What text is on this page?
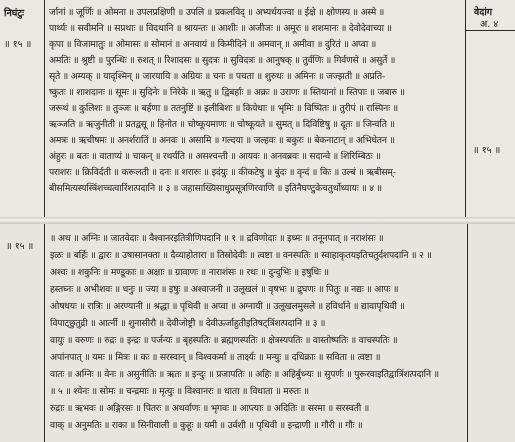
निघंटुः
॥ १५ ॥
वेदांग
अ. ४
॥ १५ ॥
र्जानां ॥ जूर्णिः ॥ ओमना ॥ उपलप्रक्षिणी ॥ उपलि ॥ प्रकलविद् ॥ अभ्यर्धयज्वा ॥ ईक्षे ॥ क्षोणस्य ॥ अस्मे ॥
पार्थ्यः ॥ सवीमनि ॥ सप्रथाः ॥ विदथानि ॥ श्रायन्तः ॥ आशीः ॥ अजीजः ॥ अमूरः ॥ शशमानः ॥ देवोदेवाच्या ॥
कृपा ॥ विजामातुः ॥ ओमासः ॥ सोमानं ॥ अनवायं ॥ किमीदिने ॥ अमवान् ॥ अमीवा ॥ दुरितं ॥ अप्वा ॥
अमतिः ॥ श्रुष्टी ॥ पुरन्धिः ॥ रुशत् ॥ रिशादसः ॥ सुदत्रः ॥ सुविदत्रः ॥ आनुषक् ॥ तुर्वणिः ॥ गिर्वणसे ॥ असुर्ते ॥
सृते ॥ अम्यक् ॥ यादृश्मिन् ॥ जारयायि ॥ अग्रियः ॥ चनः ॥ पचता ॥ शुरुधः ॥ अमिनः ॥ जज्झती ॥ अप्रति-
ष्कुतः ॥ शाशदानः ॥ सूमः ॥ सुदिनेः ॥ निरेके ॥ ऋतु ॥ द्विबर्हाः ॥ अक्रः ॥ उराणः ॥ स्तियानां ॥ स्तिपाः ॥ जबारु ॥
जरूथं ॥ कुलिशः ॥ तुञ्जः ॥ बर्हणा ॥ ततनुष्टिं ॥ इलीबिशः ॥ कियेधाः ॥ भृमिः ॥ विष्पितः ॥ तुरीपं ॥ रास्पिनः ॥
ऋञ्जति ॥ ऋजुनीती ॥ प्रतद्वसू ॥ हिनोत ॥ चोष्कूयमाणः ॥ चोष्कूयते ॥ सुमत् ॥ दिविष्टिषु ॥ दूतः ॥ जिन्वति ॥
अमत्रः ॥ ऋचीषमः ॥ अनर्शरातिं ॥ अनवः ॥ असामि ॥ गल्दया ॥ जल्हवः ॥ बकुरः ॥ बेकनाटान् ॥ अभिधेतन ॥
अंहुरः ॥ बतः ॥ वाताप्यं ॥ चाकन् ॥ रथर्यति ॥ असश्चन्ती ॥ आयवः ॥ अनवब्रवः ॥ सदान्वे ॥ शिरिम्बिठः ॥
पराशरः ॥ क्रिविर्दती ॥ करूलती ॥ दनः ॥ शरारुः ॥ इदंयुः ॥ कीकटेषु ॥ बुंदः ॥ वृन्दं ॥ किः ॥ उल्बं ॥ ऋबीसम्-
बीसमित्यस्यस्त्रिंशच्चत्वारिंशत्पदानि ॥ ३ ॥ जहासाख्यिसाधुप्रसूत्रणिरवाणि ॥ इतिनैघण्टुकेचतुर्थोध्यायः ॥ ४ ॥
॥ १५ ॥
॥ अथ ॥ अग्निः ॥ जातवेदाः ॥ वैश्वानरइतित्रीणिपदानि ॥ १ ॥ द्रविणोदाः ॥ इध्मः ॥ तनूनपात् ॥ नराशंसः ॥
इळः ॥ बर्हिः ॥ द्वारः ॥ उषासानक्ता ॥ दैव्याहोतारा ॥ तिस्रोदेवीः ॥ त्वष्टा ॥ वनस्पतिः ॥ स्वाहाकृतयइतिचतुर्दशपदानि ॥ २ ॥
अश्वः ॥ शकुनिः ॥ मण्डूकाः ॥ अक्षाः ॥ ग्रावाणः ॥ नाराशंसः ॥ रथः ॥ दुन्दुभिः ॥ इषुधिः ॥
हस्तघ्नः ॥ अभीशवः ॥ धनुः ॥ ज्या ॥ इषुः ॥ अश्वाजनी ॥ उलूखलं ॥ वृषभः ॥ द्रुघणः ॥ पितुः ॥ नद्यः ॥ आपः ॥
ओषधयः ॥ रात्रिः ॥ अरण्यानी ॥ श्रद्धा ॥ पृथिवी ॥ अप्वा ॥ अग्नायी ॥ उलूखलमुसले ॥ हविर्धाने ॥ द्यावापृथिवी ॥
विपाट्छुतुद्री ॥ आर्त्नी ॥ शुनासीरौ ॥ देवीजोष्ट्री ॥ देवीऊर्जाहुतीइतिषट्त्रिंशत्पदानि ॥ ३ ॥
वायुः ॥ वरुणः ॥ रुद्रः ॥ इन्द्रः ॥ पर्जन्यः ॥ बृहस्पतिः ॥ ब्रह्मणस्पतिः ॥ क्षेत्रस्यपतिः ॥ वास्तोष्पतिः ॥ वाचस्पतिः ॥
अपांनपात् ॥ यमः ॥ मित्रः ॥ कः ॥ सरस्वान् ॥ विश्वकर्मा ॥ तार्क्ष्यः ॥ मन्युः ॥ दधिक्राः ॥ सविता ॥ त्वष्टा ॥
वातः ॥ अग्निः ॥ वेनः ॥ असुनीतिः ॥ ऋतः ॥ इन्दुः ॥ प्रजापतिः ॥ अहिः ॥ अहिर्बुध्न्यः ॥ सुपर्णः ॥ पुरूरवाइतिद्वात्रिंशत्पदानि ॥
॥ ५ ॥ श्येनः ॥ सोमः ॥ चन्द्रमाः ॥ मृत्युः ॥ विश्वानरः ॥ धाता ॥ विधाता ॥ मरुतः ॥
रुद्राः ॥ ऋभवः ॥ अङ्गिरसः ॥ पितरः ॥ अथर्वाणः ॥ भृगवः ॥ आप्त्याः ॥ अदितिः ॥ सरमा ॥ सरस्वती ॥
वाक् ॥ अनुमतिः ॥ राका ॥ सिनीवाली ॥ कुहूः ॥ यमी ॥ उर्वशी ॥ पृथिवी ॥ इन्द्राणी ॥ गौरी ॥ गौः ॥
